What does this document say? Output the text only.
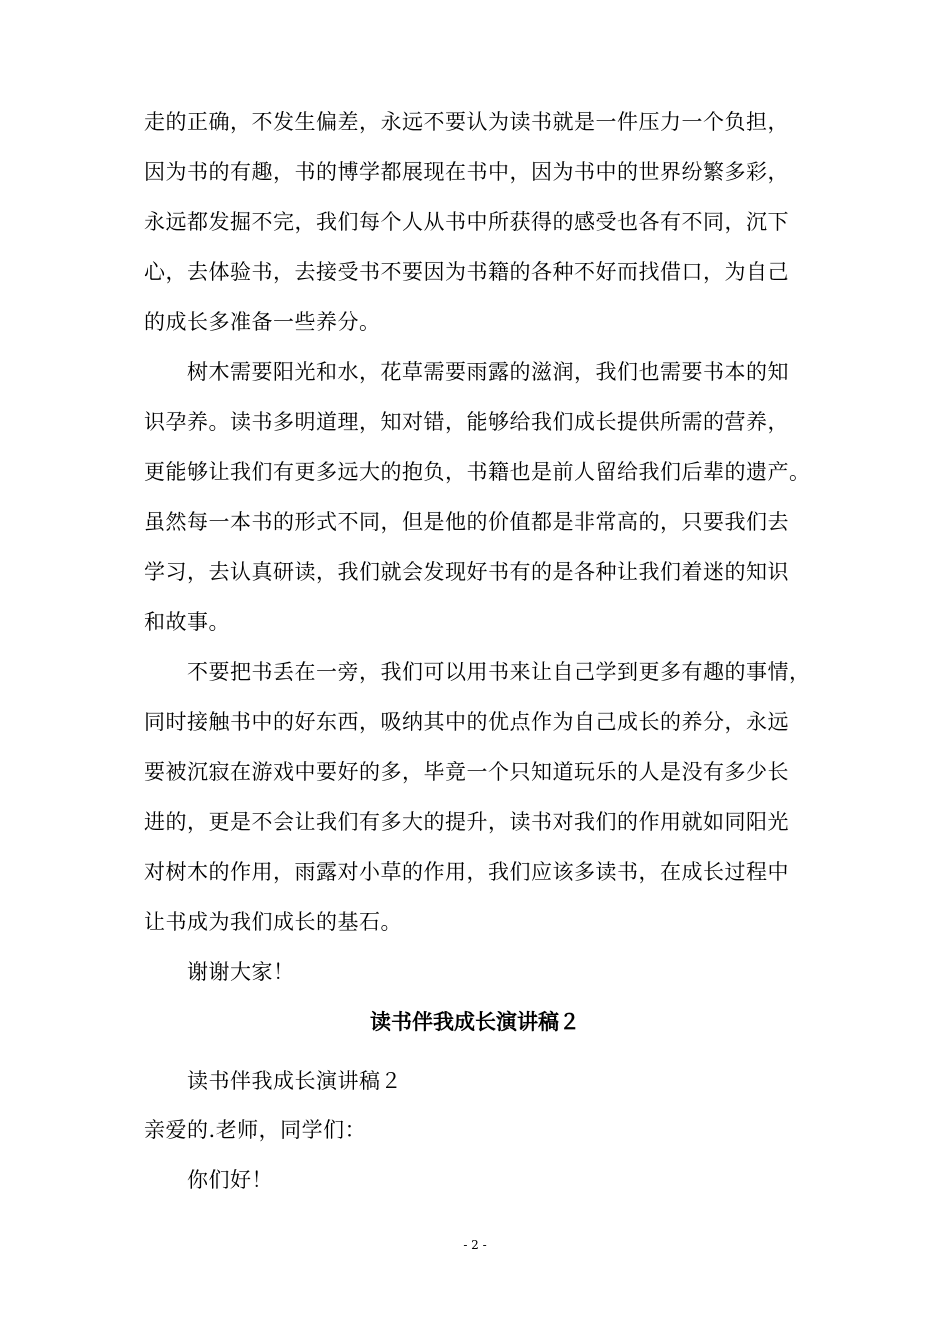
走的正确，不发生偏差，永远不要认为读书就是一件压力一个负担，
因为书的有趣，书的博学都展现在书中，因为书中的世界纷繁多彩，
永远都发掘不完，我们每个人从书中所获得的感受也各有不同，沉下
心，去体验书，去接受书不要因为书籍的各种不好而找借口，为自己
的成长多准备一些养分。
树木需要阳光和水，花草需要雨露的滋润，我们也需要书本的知
识孕养。读书多明道理，知对错，能够给我们成长提供所需的营养，
更能够让我们有更多远大的抱负，书籍也是前人留给我们后辈的遗产。
虽然每一本书的形式不同，但是他的价值都是非常高的，只要我们去
学习，去认真研读，我们就会发现好书有的是各种让我们着迷的知识
和故事。
不要把书丢在一旁，我们可以用书来让自己学到更多有趣的事情，
同时接触书中的好东西，吸纳其中的优点作为自己成长的养分，永远
要被沉寂在游戏中要好的多，毕竟一个只知道玩乐的人是没有多少长
进的，更是不会让我们有多大的提升，读书对我们的作用就如同阳光
对树木的作用，雨露对小草的作用，我们应该多读书，在成长过程中
让书成为我们成长的基石。
谢谢大家！
读书伴我成长演讲稿２
读书伴我成长演讲稿２
亲爱的.老师，同学们：
你们好！
- 2 -
